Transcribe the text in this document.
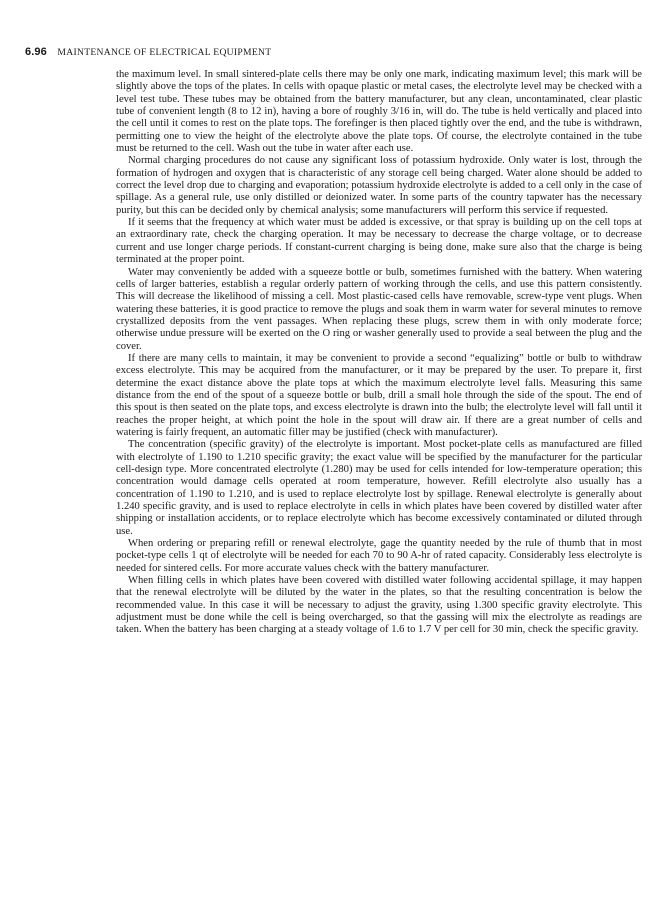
6.96 MAINTENANCE OF ELECTRICAL EQUIPMENT

the maximum level. In small sintered-plate cells there may be only one mark, indicating maximum level; this mark will be slightly above the tops of the plates. In cells with opaque plastic or metal cases, the electrolyte level may be checked with a level test tube. These tubes may be obtained from the battery manufacturer, but any clean, uncontaminated, clear plastic tube of convenient length (8 to 12 in), having a bore of roughly 3/16 in, will do. The tube is held vertically and placed into the cell until it comes to rest on the plate tops. The forefinger is then placed tightly over the end, and the tube is withdrawn, permitting one to view the height of the electrolyte above the plate tops. Of course, the electrolyte contained in the tube must be returned to the cell. Wash out the tube in water after each use.

Normal charging procedures do not cause any significant loss of potassium hydroxide. Only water is lost, through the formation of hydrogen and oxygen that is characteristic of any storage cell being charged. Water alone should be added to correct the level drop due to charging and evaporation; potassium hydroxide electrolyte is added to a cell only in the case of spillage. As a general rule, use only distilled or deionized water. In some parts of the country tapwater has the necessary purity, but this can be decided only by chemical analysis; some manufacturers will perform this service if requested.

If it seems that the frequency at which water must be added is excessive, or that spray is building up on the cell tops at an extraordinary rate, check the charging operation. It may be necessary to decrease the charge voltage, or to decrease current and use longer charge periods. If constant-current charging is being done, make sure also that the charge is being terminated at the proper point.

Water may conveniently be added with a squeeze bottle or bulb, sometimes furnished with the battery. When watering cells of larger batteries, establish a regular orderly pattern of working through the cells, and use this pattern consistently. This will decrease the likelihood of missing a cell. Most plastic-cased cells have removable, screw-type vent plugs. When watering these batteries, it is good practice to remove the plugs and soak them in warm water for several minutes to remove crystallized deposits from the vent passages. When replacing these plugs, screw them in with only moderate force; otherwise undue pressure will be exerted on the O ring or washer generally used to provide a seal between the plug and the cover.

If there are many cells to maintain, it may be convenient to provide a second “equalizing” bottle or bulb to withdraw excess electrolyte. This may be acquired from the manufacturer, or it may be prepared by the user. To prepare it, first determine the exact distance above the plate tops at which the maximum electrolyte level falls. Measuring this same distance from the end of the spout of a squeeze bottle or bulb, drill a small hole through the side of the spout. The end of this spout is then seated on the plate tops, and excess electrolyte is drawn into the bulb; the electrolyte level will fall until it reaches the proper height, at which point the hole in the spout will draw air. If there are a great number of cells and watering is fairly frequent, an automatic filler may be justified (check with manufacturer).

The concentration (specific gravity) of the electrolyte is important. Most pocket-plate cells as manufactured are filled with electrolyte of 1.190 to 1.210 specific gravity; the exact value will be specified by the manufacturer for the particular cell-design type. More concentrated electrolyte (1.280) may be used for cells intended for low-temperature operation; this concentration would damage cells operated at room temperature, however. Refill electrolyte also usually has a concentration of 1.190 to 1.210, and is used to replace electrolyte lost by spillage. Renewal electrolyte is generally about 1.240 specific gravity, and is used to replace electrolyte in cells in which plates have been covered by distilled water after shipping or installation accidents, or to replace electrolyte which has become excessively contaminated or diluted through use.

When ordering or preparing refill or renewal electrolyte, gage the quantity needed by the rule of thumb that in most pocket-type cells 1 qt of electrolyte will be needed for each 70 to 90 A-hr of rated capacity. Considerably less electrolyte is needed for sintered cells. For more accurate values check with the battery manufacturer.

When filling cells in which plates have been covered with distilled water following accidental spillage, it may happen that the renewal electrolyte will be diluted by the water in the plates, so that the resulting concentration is below the recommended value. In this case it will be necessary to adjust the gravity, using 1.300 specific gravity electrolyte. This adjustment must be done while the cell is being overcharged, so that the gassing will mix the electrolyte as readings are taken. When the battery has been charging at a steady voltage of 1.6 to 1.7 V per cell for 30 min, check the specific gravity.
